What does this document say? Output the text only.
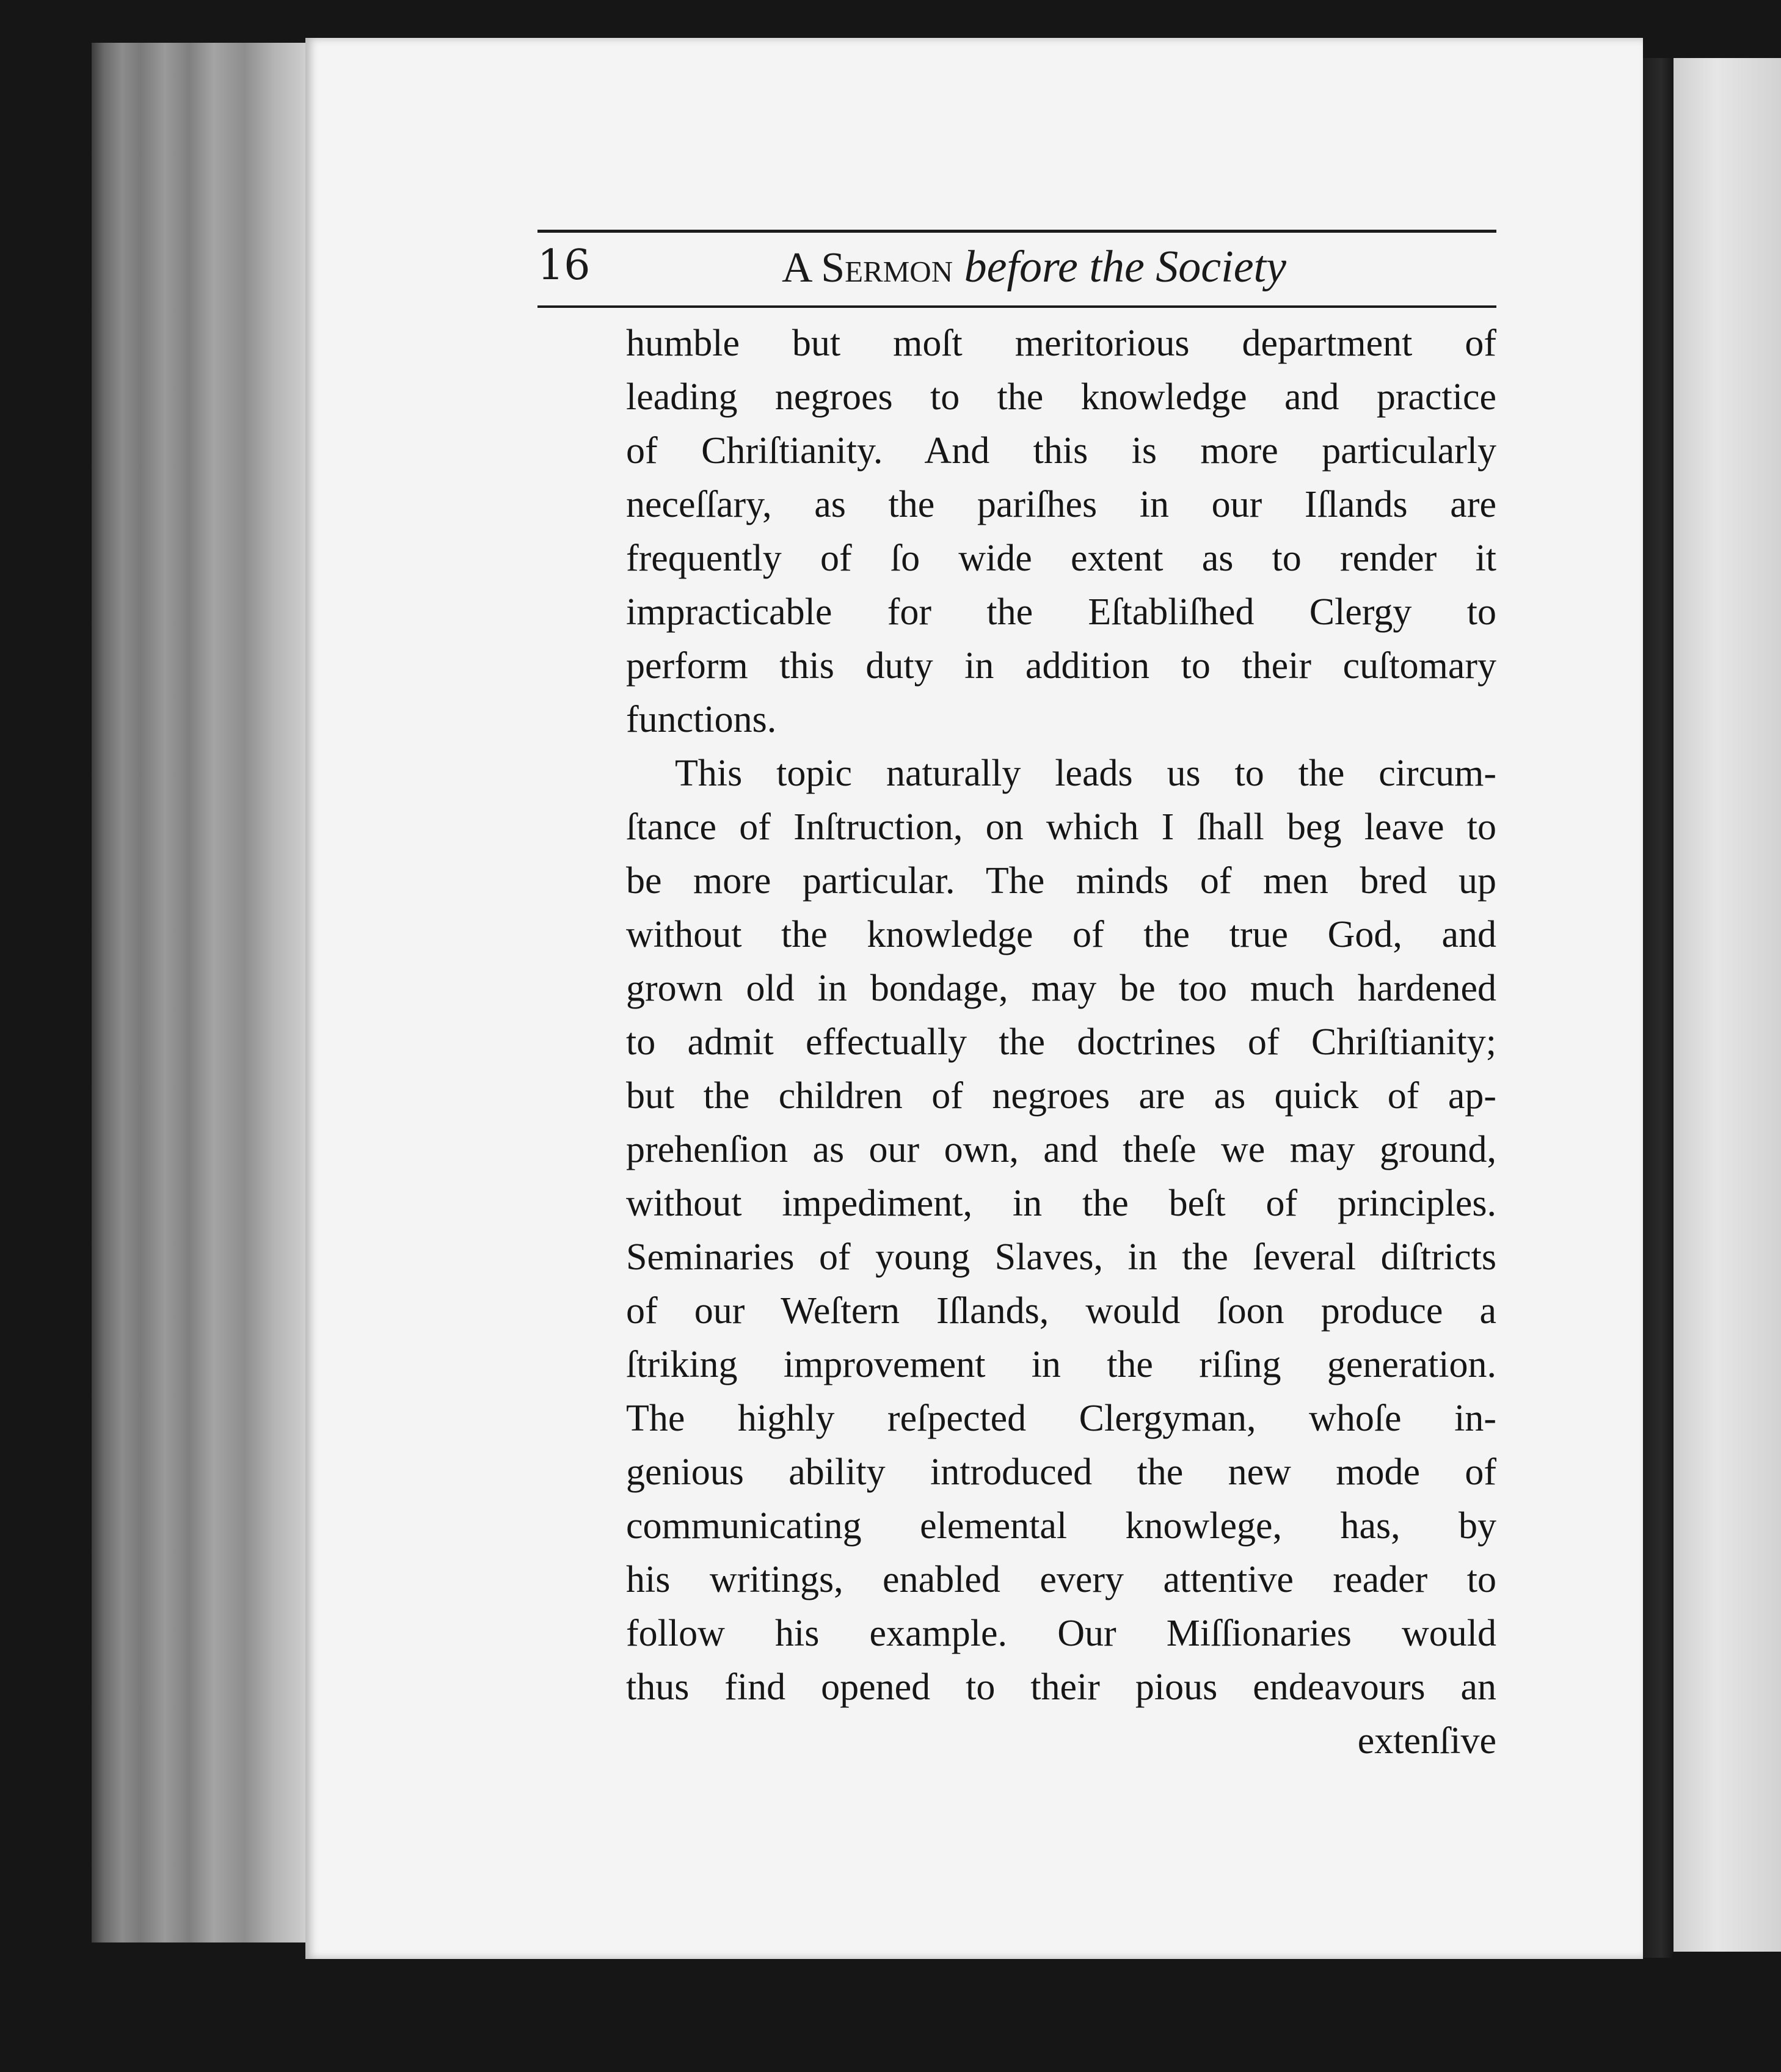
16	A Sermon before the Society
humble but moſt meritorious department of
leading negroes to the knowledge and practice
of Chriſtianity. And this is more particularly
neceſſary, as the pariſhes in our Iſlands are
frequently of ſo wide extent as to render it
impracticable for the Eſtabliſhed Clergy to
perform this duty in addition to their cuſtomary
functions.
This topic naturally leads us to the circum-
ſtance of Inſtruction, on which I ſhall beg leave to
be more particular. The minds of men bred up
without the knowledge of the true God, and
grown old in bondage, may be too much hardened
to admit effectually the doctrines of Chriſtianity;
but the children of negroes are as quick of ap-
prehenſion as our own, and theſe we may ground,
without impediment, in the beſt of principles.
Seminaries of young Slaves, in the ſeveral diſtricts
of our Weſtern Iſlands, would ſoon produce a
ſtriking improvement in the riſing generation.
The highly reſpected Clergyman, whoſe in-
genious ability introduced the new mode of
communicating elemental knowlege, has, by
his writings, enabled every attentive reader to
follow his example. Our Miſſionaries would
thus find opened to their pious endeavours an
extenſive
